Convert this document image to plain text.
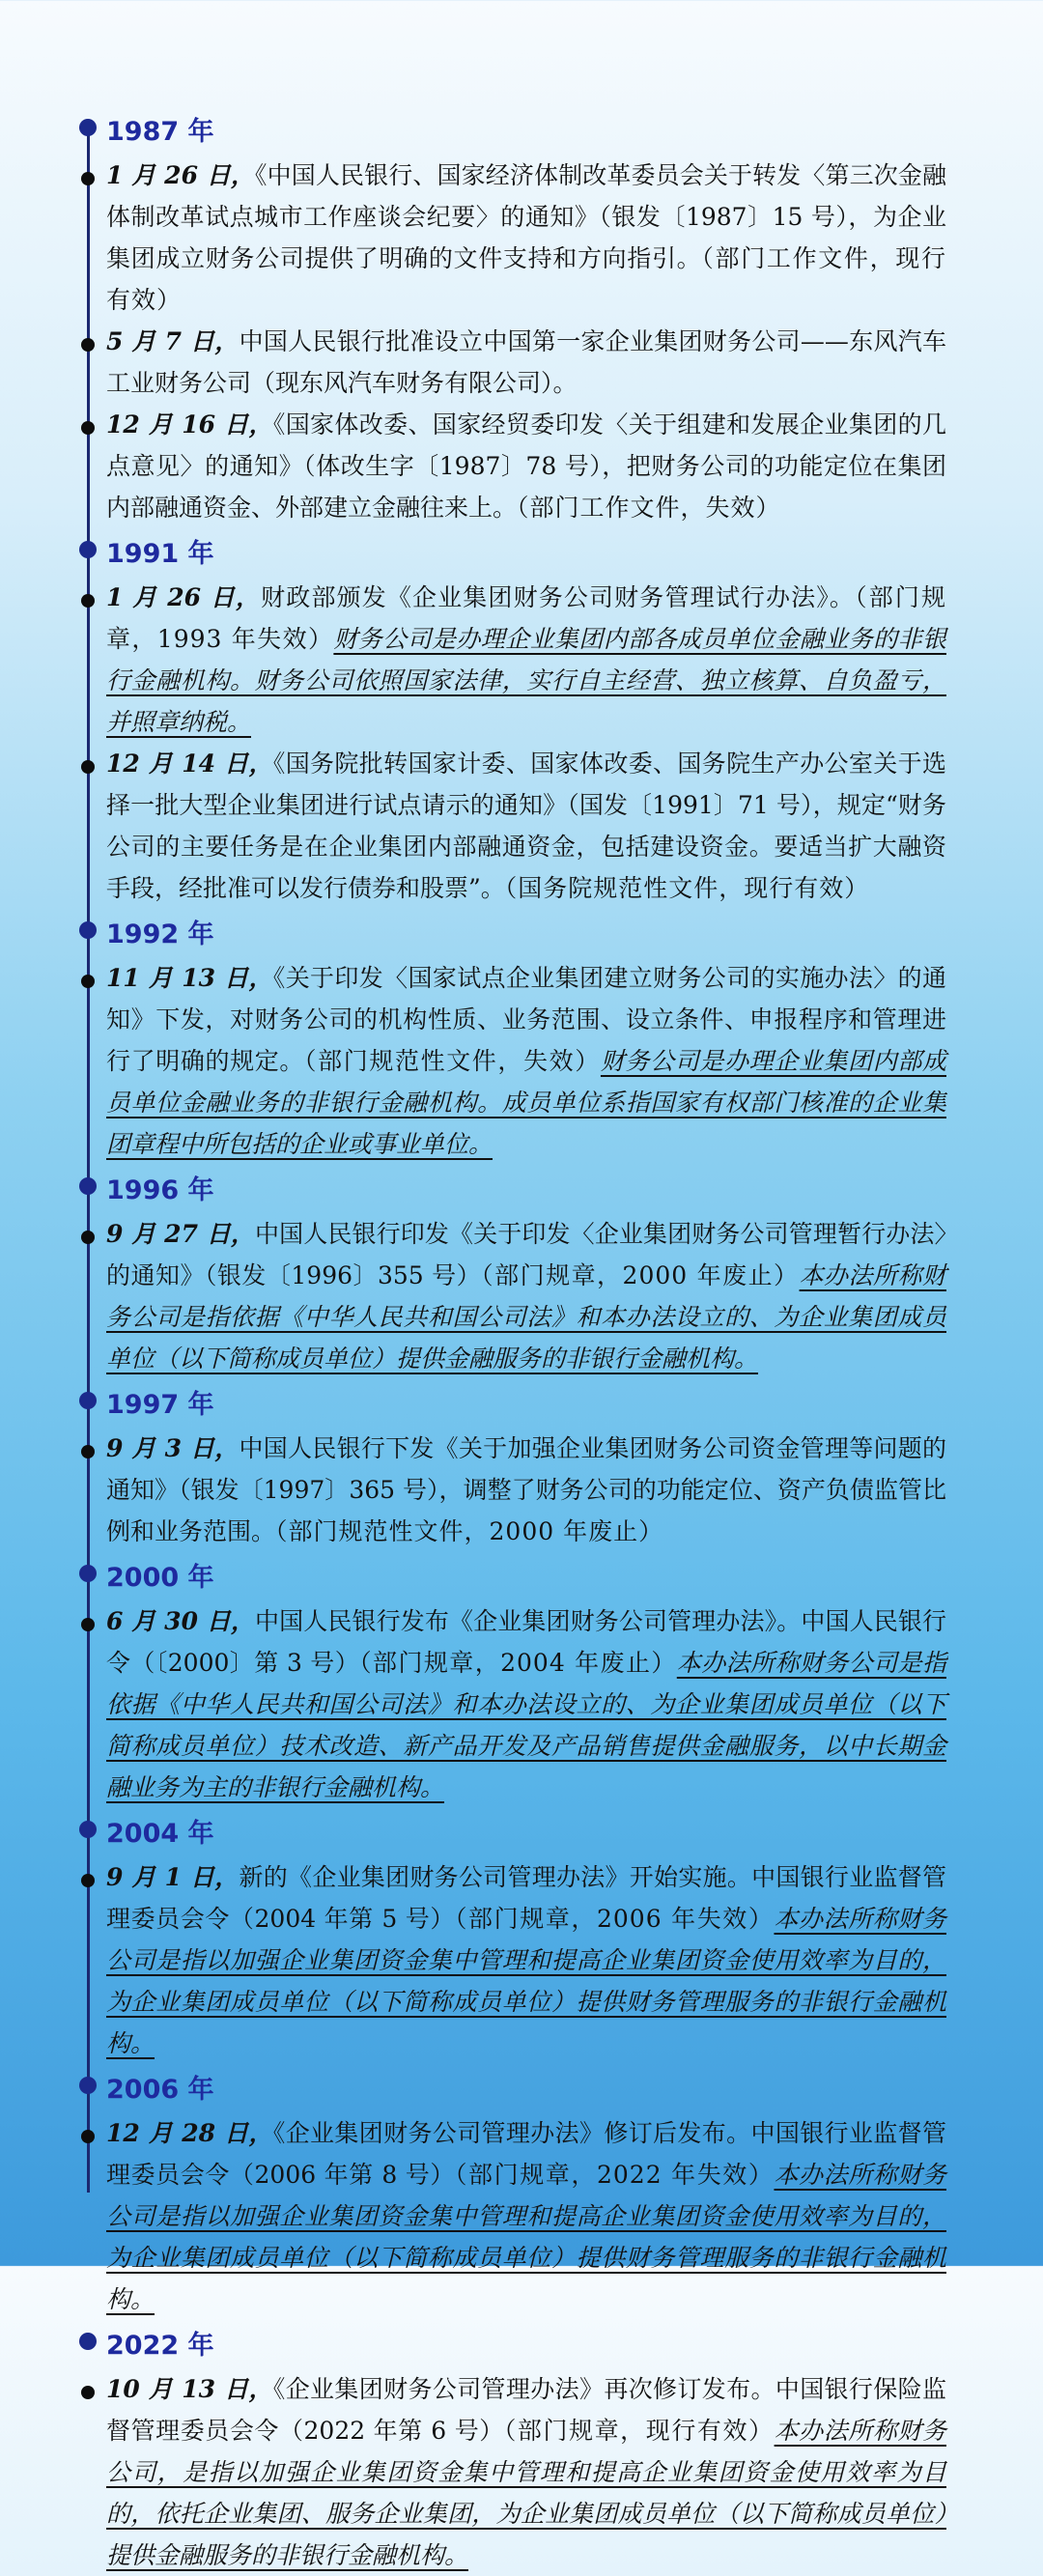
1987 年

1 月 26 日，《中国人民银行、国家经济体制改革委员会关于转发〈第三次金融体制改革试点城市工作座谈会纪要〉的通知》（银发〔1987〕15 号），为企业集团成立财务公司提供了明确的文件支持和方向指引。（部门工作文件，现行有效）

5 月 7 日，中国人民银行批准设立中国第一家企业集团财务公司——东风汽车工业财务公司（现东风汽车财务有限公司）。

12 月 16 日，《国家体改委、国家经贸委印发〈关于组建和发展企业集团的几点意见〉的通知》（体改生字〔1987〕78 号），把财务公司的功能定位在集团内部融通资金、外部建立金融往来上。（部门工作文件，失效）

1991 年

1 月 26 日，财政部颁发《企业集团财务公司财务管理试行办法》。（部门规章，1993 年失效）财务公司是办理企业集团内部各成员单位金融业务的非银行金融机构。财务公司依照国家法律，实行自主经营、独立核算、自负盈亏，并照章纳税。

12 月 14 日，《国务院批转国家计委、国家体改委、国务院生产办公室关于选择一批大型企业集团进行试点请示的通知》（国发〔1991〕71 号），规定“财务公司的主要任务是在企业集团内部融通资金，包括建设资金。要适当扩大融资手段，经批准可以发行债券和股票”。（国务院规范性文件，现行有效）

1992 年

11 月 13 日，《关于印发〈国家试点企业集团建立财务公司的实施办法〉的通知》下发，对财务公司的机构性质、业务范围、设立条件、申报程序和管理进行了明确的规定。（部门规范性文件，失效）财务公司是办理企业集团内部成员单位金融业务的非银行金融机构。成员单位系指国家有权部门核准的企业集团章程中所包括的企业或事业单位。

1996 年

9 月 27 日，中国人民银行印发《关于印发〈企业集团财务公司管理暂行办法〉的通知》（银发〔1996〕355 号）（部门规章，2000 年废止）本办法所称财务公司是指依据《中华人民共和国公司法》和本办法设立的、为企业集团成员单位（以下简称成员单位）提供金融服务的非银行金融机构。

1997 年

9 月 3 日，中国人民银行下发《关于加强企业集团财务公司资金管理等问题的通知》（银发〔1997〕365 号），调整了财务公司的功能定位、资产负债监管比例和业务范围。（部门规范性文件，2000 年废止）

2000 年

6 月 30 日，中国人民银行发布《企业集团财务公司管理办法》。中国人民银行令（〔2000〕第 3 号）（部门规章，2004 年废止）本办法所称财务公司是指依据《中华人民共和国公司法》和本办法设立的、为企业集团成员单位（以下简称成员单位）技术改造、新产品开发及产品销售提供金融服务，以中长期金融业务为主的非银行金融机构。

2004 年

9 月 1 日，新的《企业集团财务公司管理办法》开始实施。中国银行业监督管理委员会令（2004 年第 5 号）（部门规章，2006 年失效）本办法所称财务公司是指以加强企业集团资金集中管理和提高企业集团资金使用效率为目的，为企业集团成员单位（以下简称成员单位）提供财务管理服务的非银行金融机构。

2006 年

12 月 28 日，《企业集团财务公司管理办法》修订后发布。中国银行业监督管理委员会令（2006 年第 8 号）（部门规章，2022 年失效）本办法所称财务公司是指以加强企业集团资金集中管理和提高企业集团资金使用效率为目的，为企业集团成员单位（以下简称成员单位）提供财务管理服务的非银行金融机构。

2022 年

10 月 13 日，《企业集团财务公司管理办法》再次修订发布。中国银行保险监督管理委员会令（2022 年第 6 号）（部门规章，现行有效）本办法所称财务公司，是指以加强企业集团资金集中管理和提高企业集团资金使用效率为目的，依托企业集团、服务企业集团，为企业集团成员单位（以下简称成员单位）提供金融服务的非银行金融机构。
